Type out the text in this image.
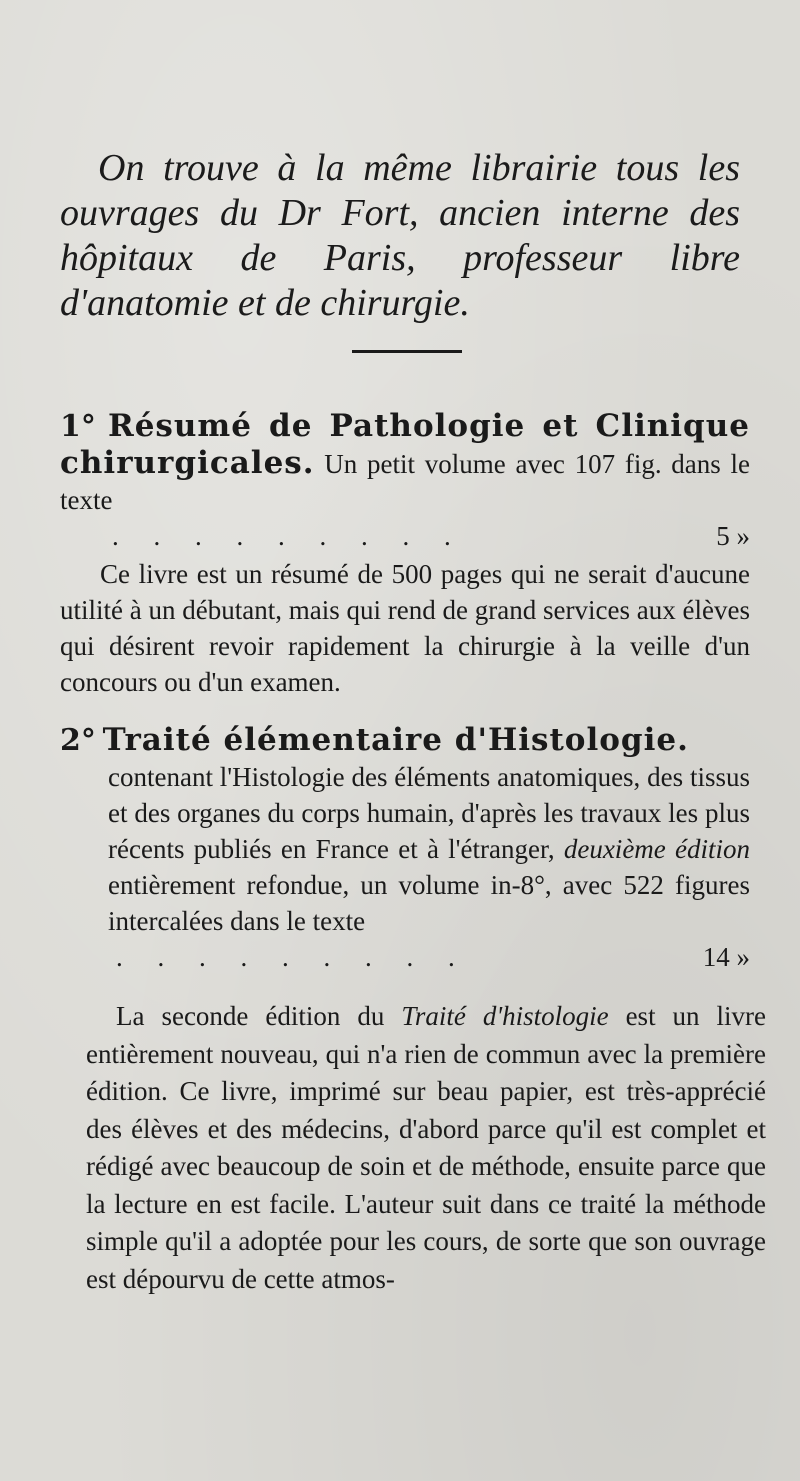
On trouve à la même librairie tous les ouvrages du Dr Fort, ancien interne des hôpitaux de Paris, professeur libre d'anatomie et de chirurgie.
1° Résumé de Pathologie et Clinique chirurgicales. Un petit volume avec 107 fig. dans le texte
. . . . . . . . .	5 »
Ce livre est un résumé de 500 pages qui ne serait d'aucune utilité à un débutant, mais qui rend de grand services aux élèves qui désirent revoir rapidement la chirurgie à la veille d'un concours ou d'un examen.
2° Traité élémentaire d'Histologie.
contenant l'Histologie des éléments anatomiques, des tissus et des organes du corps humain, d'après les travaux les plus récents publiés en France et à l'étranger, deuxième édition entièrement refondue, un volume in-8°, avec 522 figures intercalées dans le texte
. . . . . . . . .	14 »
La seconde édition du Traité d'histologie est un livre entièrement nouveau, qui n'a rien de commun avec la première édition. Ce livre, imprimé sur beau papier, est très-apprécié des élèves et des médecins, d'abord parce qu'il est complet et rédigé avec beaucoup de soin et de méthode, ensuite parce que la lecture en est facile. L'auteur suit dans ce traité la méthode simple qu'il a adoptée pour les cours, de sorte que son ouvrage est dépourvu de cette atmos-
